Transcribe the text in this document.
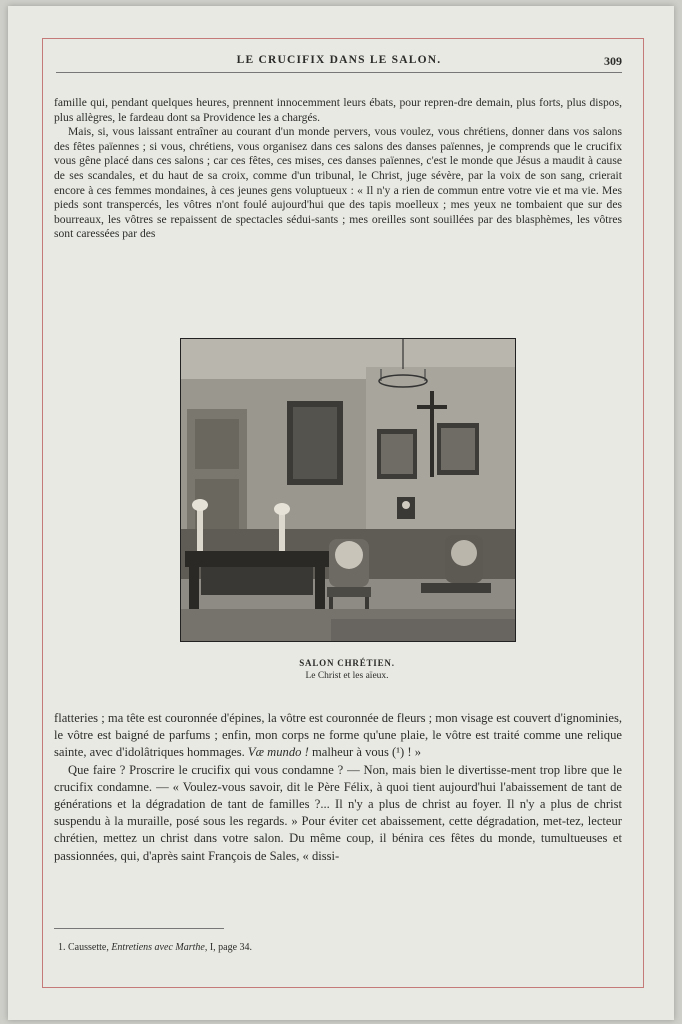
LE CRUCIFIX DANS LE SALON.	309

famille qui, pendant quelques heures, prennent innocemment leurs ébats, pour repren-dre demain, plus forts, plus dispos, plus allègres, le fardeau dont sa Providence les a chargés.

Mais, si, vous laissant entraîner au courant d'un monde pervers, vous voulez, vous chrétiens, donner dans vos salons des fêtes païennes ; si vous, chrétiens, vous organisez dans ces salons des danses païennes, je comprends que le crucifix vous gêne placé dans ces salons ; car ces fêtes, ces mises, ces danses païennes, c'est le monde que Jésus a maudit à cause de ses scandales, et du haut de sa croix, comme d'un tribunal, le Christ, juge sévère, par la voix de son sang, crierait encore à ces femmes mondaines, à ces jeunes gens voluptueux : « Il n'y a rien de commun entre votre vie et ma vie. Mes pieds sont transpercés, les vôtres n'ont foulé aujourd'hui que des tapis moelleux ; mes yeux ne tombaient que sur des bourreaux, les vôtres se repaissent de spectacles sédui-sants ; mes oreilles sont souillées par des blasphèmes, les vôtres sont caressées par des

SALON CHRÉTIEN.
Le Christ et les aïeux.

flatteries ; ma tête est couronnée d'épines, la vôtre est couronnée de fleurs ; mon visage est couvert d'ignominies, le vôtre est baigné de parfums ; enfin, mon corps ne forme qu'une plaie, le vôtre est traité comme une relique sainte, avec d'idolâtriques hommages. Væ mundo ! malheur à vous (¹) ! »

Que faire ? Proscrire le crucifix qui vous condamne ? — Non, mais bien le divertisse-ment trop libre que le crucifix condamne. — « Voulez-vous savoir, dit le Père Félix, à quoi tient aujourd'hui l'abaissement de tant de générations et la dégradation de tant de familles ?... Il n'y a plus de christ au foyer. Il n'y a plus de christ suspendu à la muraille, posé sous les regards. » Pour éviter cet abaissement, cette dégradation, met-tez, lecteur chrétien, mettez un christ dans votre salon. Du même coup, il bénira ces fêtes du monde, tumultueuses et passionnées, qui, d'après saint François de Sales, « dissi-

1. Caussette, Entretiens avec Marthe, I, page 34.
